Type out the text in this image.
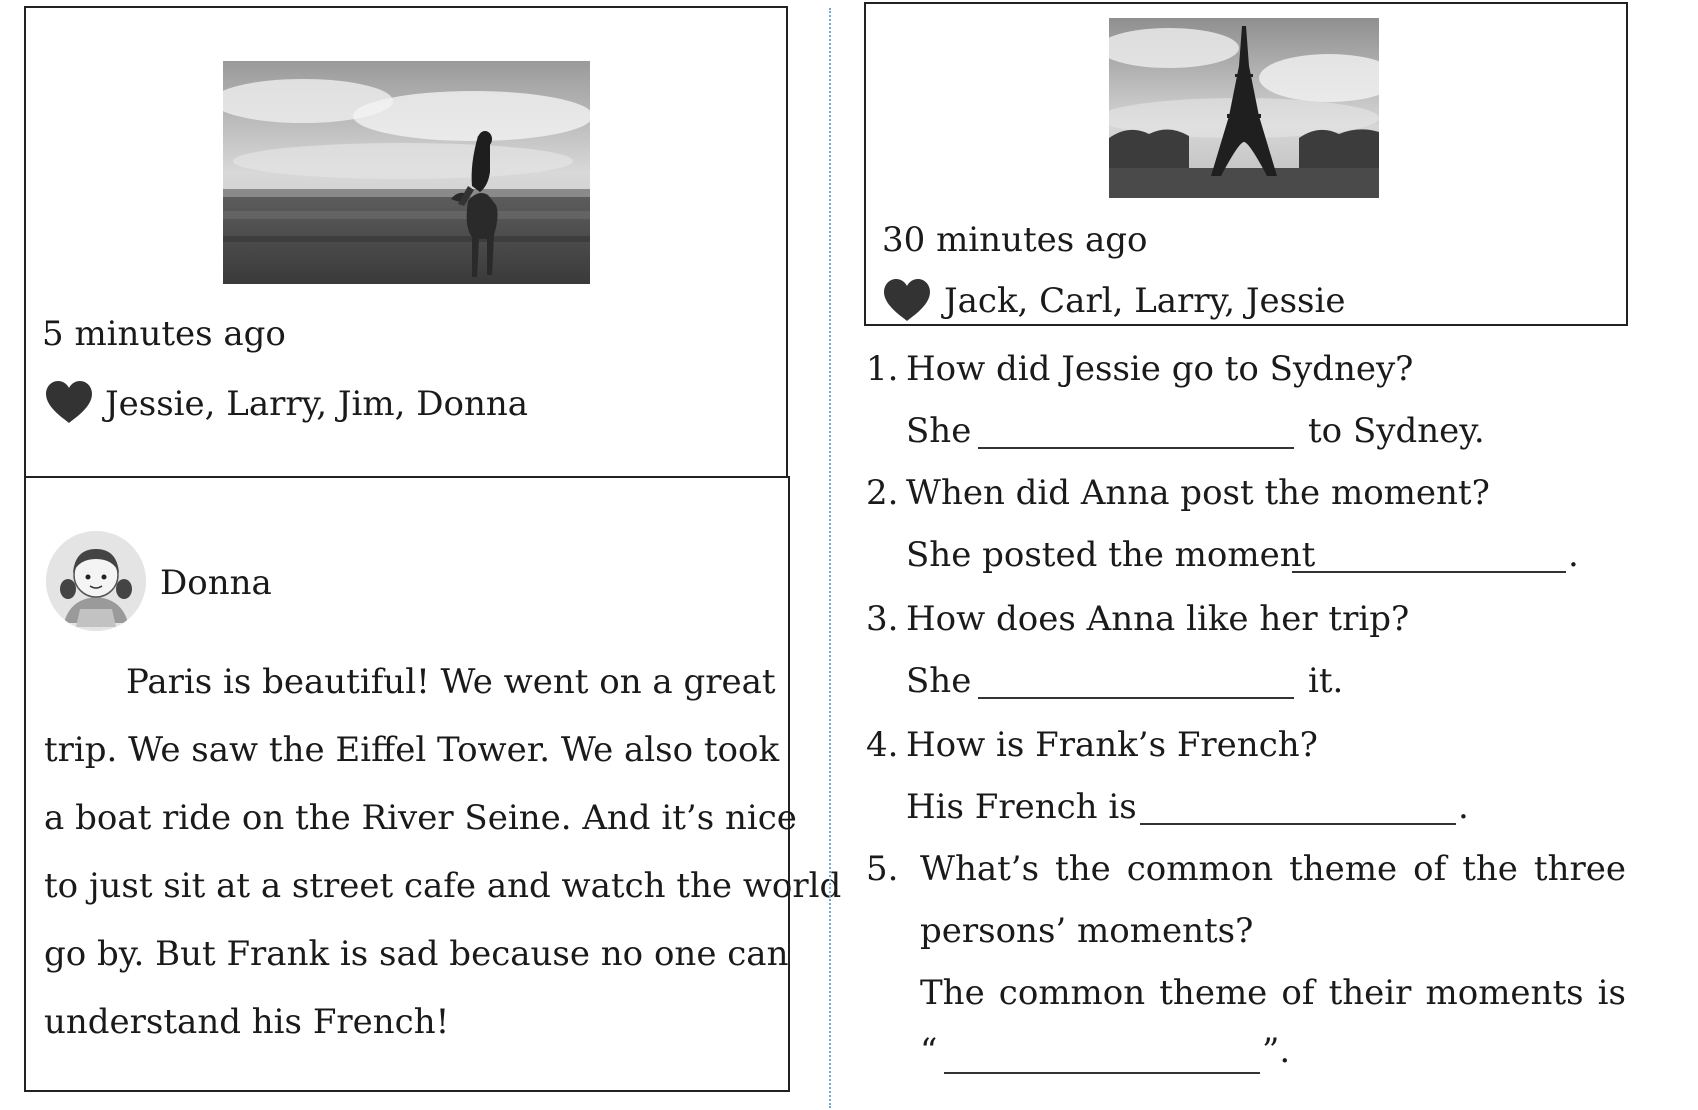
5 minutes ago
Jessie, Larry, Jim, Donna
Donna
Paris is beautiful! We went on a great
trip. We saw the Eiffel Tower. We also took
a boat ride on the River Seine. And it’s nice
to just sit at a street cafe and watch the world
go by. But Frank is sad because no one can
understand his French!
30 minutes ago
Jack, Carl, Larry, Jessie
1. How did Jessie go to Sydney?
She	to Sydney.
2. When did Anna post the moment?
She posted the moment	.
3. How does Anna like her trip?
She	it.
4. How is Frank’s French?
His French is	.
5. What’s the common theme of the three
persons’ moments?
The common theme of their moments is
“	”.
